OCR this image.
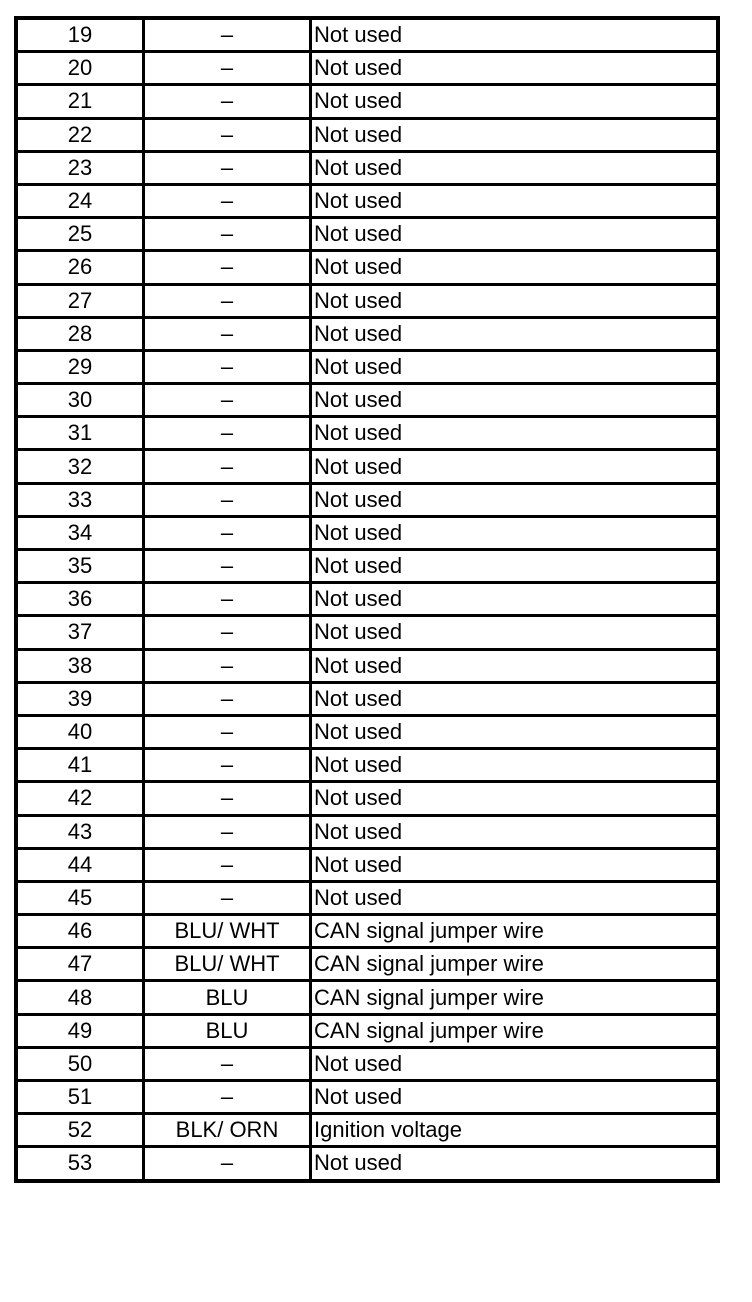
19	–	Not used
20	–	Not used
21	–	Not used
22	–	Not used
23	–	Not used
24	–	Not used
25	–	Not used
26	–	Not used
27	–	Not used
28	–	Not used
29	–	Not used
30	–	Not used
31	–	Not used
32	–	Not used
33	–	Not used
34	–	Not used
35	–	Not used
36	–	Not used
37	–	Not used
38	–	Not used
39	–	Not used
40	–	Not used
41	–	Not used
42	–	Not used
43	–	Not used
44	–	Not used
45	–	Not used
46	BLU/ WHT	CAN signal jumper wire
47	BLU/ WHT	CAN signal jumper wire
48	BLU	CAN signal jumper wire
49	BLU	CAN signal jumper wire
50	–	Not used
51	–	Not used
52	BLK/ ORN	Ignition voltage
53	–	Not used
